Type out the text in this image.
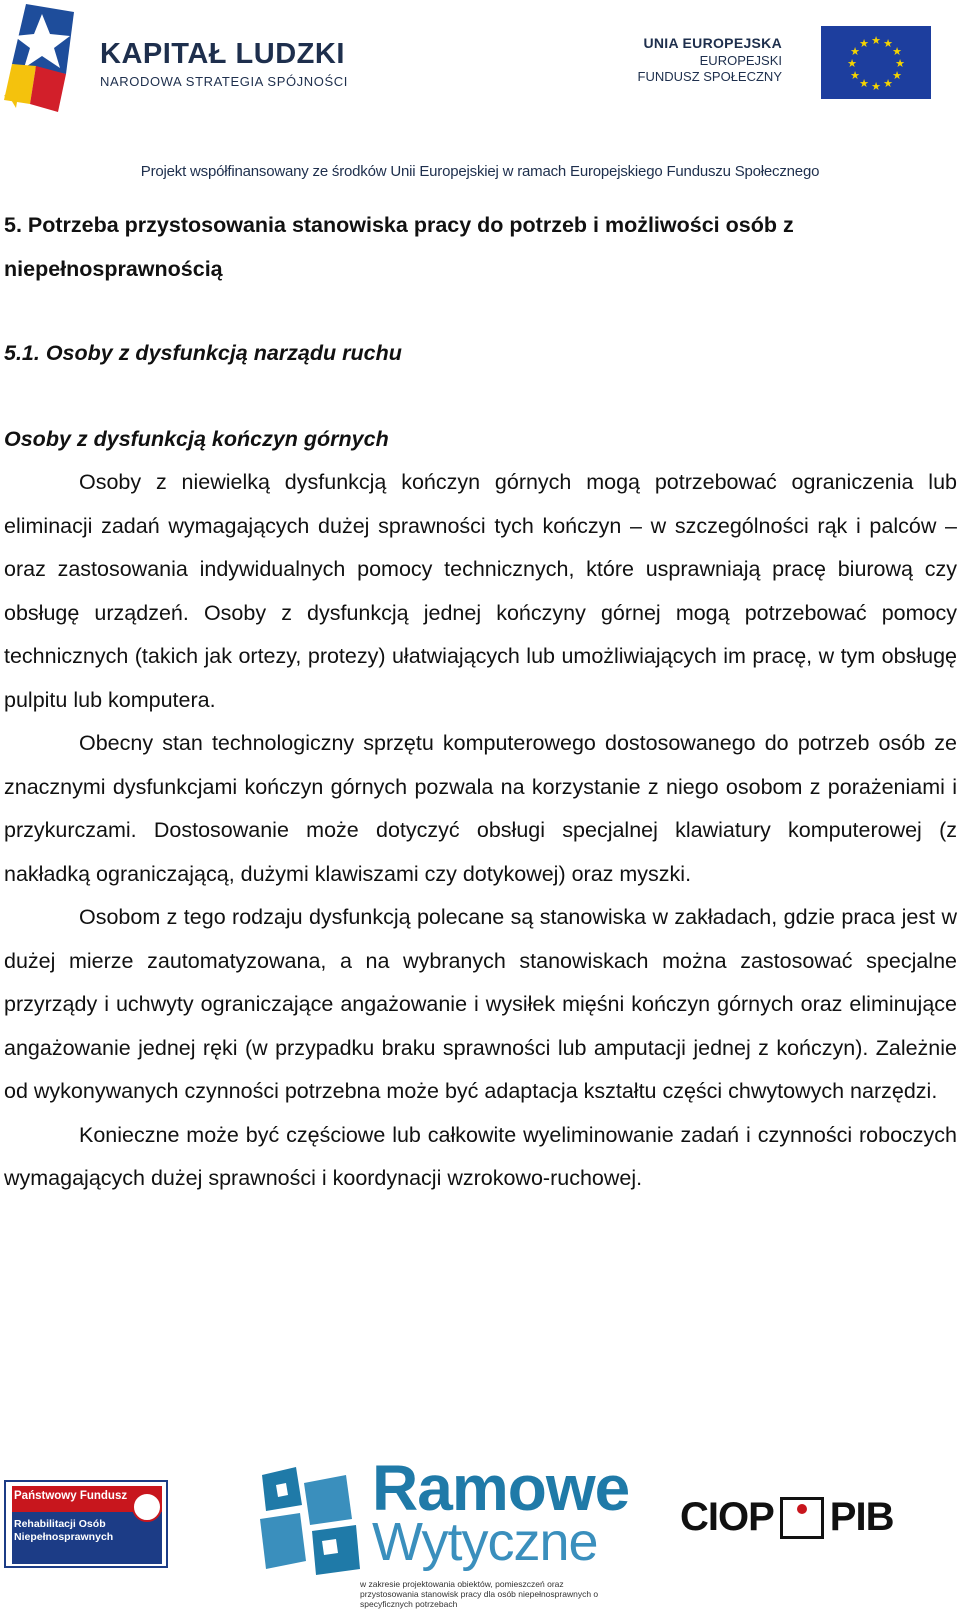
KAPITAŁ LUDZKI
NARODOWA STRATEGIA SPÓJNOŚCI
UNIA EUROPEJSKA
EUROPEJSKI
FUNDUSZ SPOŁECZNY
★ ★
★
★
★
★
★
★
★
★
★
★
Projekt współfinansowany ze środków Unii Europejskiej w ramach Europejskiego Funduszu Społecznego

5. Potrzeba przystosowania stanowiska pracy do potrzeb i możliwości osób z niepełnosprawnością

5.1. Osoby z dysfunkcją narządu ruchu

Osoby z dysfunkcją kończyn górnych

Osoby z niewielką dysfunkcją kończyn górnych mogą potrzebować ograniczenia lub eliminacji zadań wymagających dużej sprawności tych kończyn – w szczególności rąk i palców – oraz zastosowania indywidualnych pomocy technicznych, które usprawniają pracę biurową czy obsługę urządzeń. Osoby z dysfunkcją jednej kończyny górnej mogą potrzebować pomocy technicznych (takich jak ortezy, protezy) ułatwiających lub umożliwiających im pracę, w tym obsługę pulpitu lub komputera.

Obecny stan technologiczny sprzętu komputerowego dostosowanego do potrzeb osób ze znacznymi dysfunkcjami kończyn górnych pozwala na korzystanie z niego osobom z porażeniami i przykurczami. Dostosowanie może dotyczyć obsługi specjalnej klawiatury komputerowej (z nakładką ograniczającą, dużymi klawiszami czy dotykowej) oraz myszki.

Osobom z tego rodzaju dysfunkcją polecane są stanowiska w zakładach, gdzie praca jest w dużej mierze zautomatyzowana, a na wybranych stanowiskach można zastosować specjalne przyrządy i uchwyty ograniczające angażowanie i wysiłek mięśni kończyn górnych oraz eliminujące angażowanie jednej ręki (w przypadku braku sprawności lub amputacji jednej z kończyn). Zależnie od wykonywanych czynności potrzebna może być adaptacja kształtu części chwytowych narzędzi.

Konieczne może być częściowe lub całkowite wyeliminowanie zadań i czynności roboczych wymagających dużej sprawności i koordynacji wzrokowo-ruchowej.

Państwowy Fundusz
Rehabilitacji Osób Niepełnosprawnych
Ramowe
Wytyczne
w zakresie projektowania obiektów, pomieszczeń oraz przystosowania stanowisk pracy dla osób niepełnosprawnych o specyficznych potrzebach
CIOP PIB
